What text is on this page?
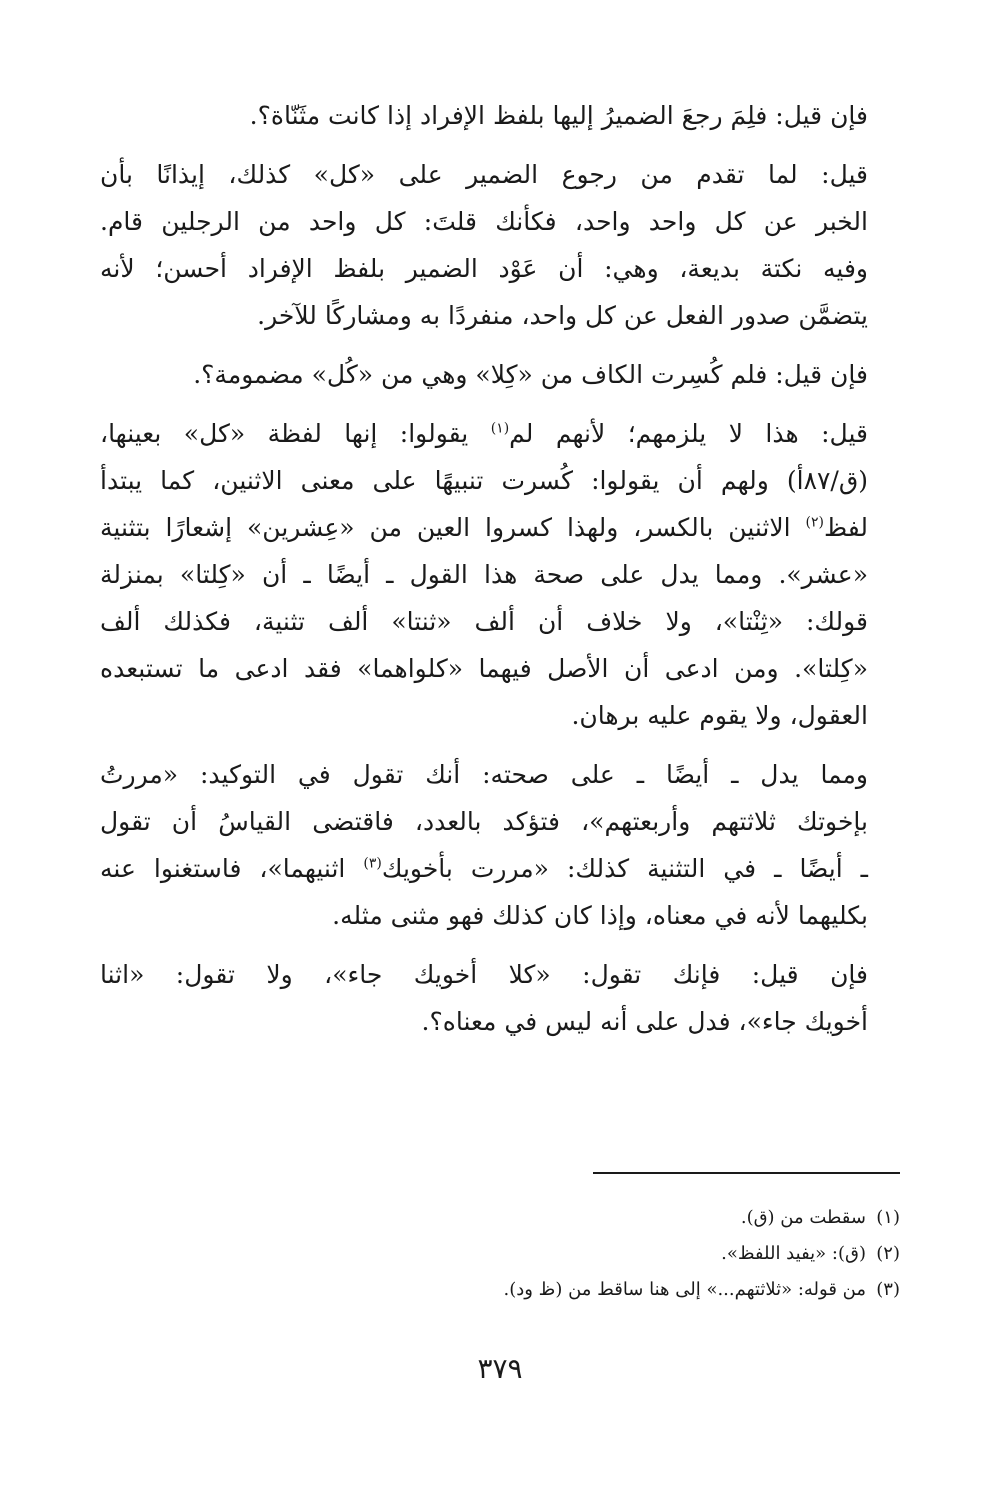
فإن قيل: فلِمَ رجعَ الضميرُ إليها بلفظ الإفراد إذا كانت مثَنّاة؟.

قيل: لما تقدم من رجوع الضمير على «كل» كذلك، إيذانًا بأن
الخبر عن كل واحد واحد، فكأنك قلتَ: كل واحد من الرجلين قام.
وفيه نكتة بديعة، وهي: أن عَوْد الضمير بلفظ الإفراد أحسن؛ لأنه
يتضمَّن صدور الفعل عن كل واحد، منفردًا به ومشاركًا للآخر.

فإن قيل: فلم كُسِرت الكاف من «كِلا» وهي من «كُل» مضمومة؟.

قيل: هذا لا يلزمهم؛ لأنهم لم$^{(١)}$ يقولوا: إنها لفظة «كل» بعينها،
(ق/٨٧أ) ولهم أن يقولوا: كُسرت تنبيهًا على معنى الاثنين، كما يبتدأ
لفظ$^{(٢)}$ الاثنين بالكسر، ولهذا كسروا العين من «عِشرين» إشعارًا بتثنية
«عشر». ومما يدل على صحة هذا القول ـ أيضًا ـ أن «كِلتا» بمنزلة
قولك: «ثِنْتا»، ولا خلاف أن ألف «ثنتا» ألف تثنية، فكذلك ألف
«كِلتا». ومن ادعى أن الأصل فيهما «كلواهما» فقد ادعى ما تستبعده
العقول، ولا يقوم عليه برهان.

ومما يدل ـ أيضًا ـ على صحته: أنك تقول في التوكيد: «مررتُ
بإخوتك ثلاثتهم وأربعتهم»، فتؤكد بالعدد، فاقتضى القياسُ أن تقول
ـ أيضًا ـ في التثنية كذلك: «مررت بأخويك$^{(٣)}$ اثنيهما»، فاستغنوا عنه
بكليهما لأنه في معناه، وإذا كان كذلك فهو مثنى مثله.

فإن قيل: فإنك تقول: «كلا أخويك جاء»، ولا تقول: «اثنا
أخويك جاء»، فدل على أنه ليس في معناه؟.

(١)سقطت من (ق).
(٢)(ق): «يفيد اللفظ».
(٣)من قوله: «ثلاثتهم...» إلى هنا ساقط من (ظ ود).
٣٧٩
